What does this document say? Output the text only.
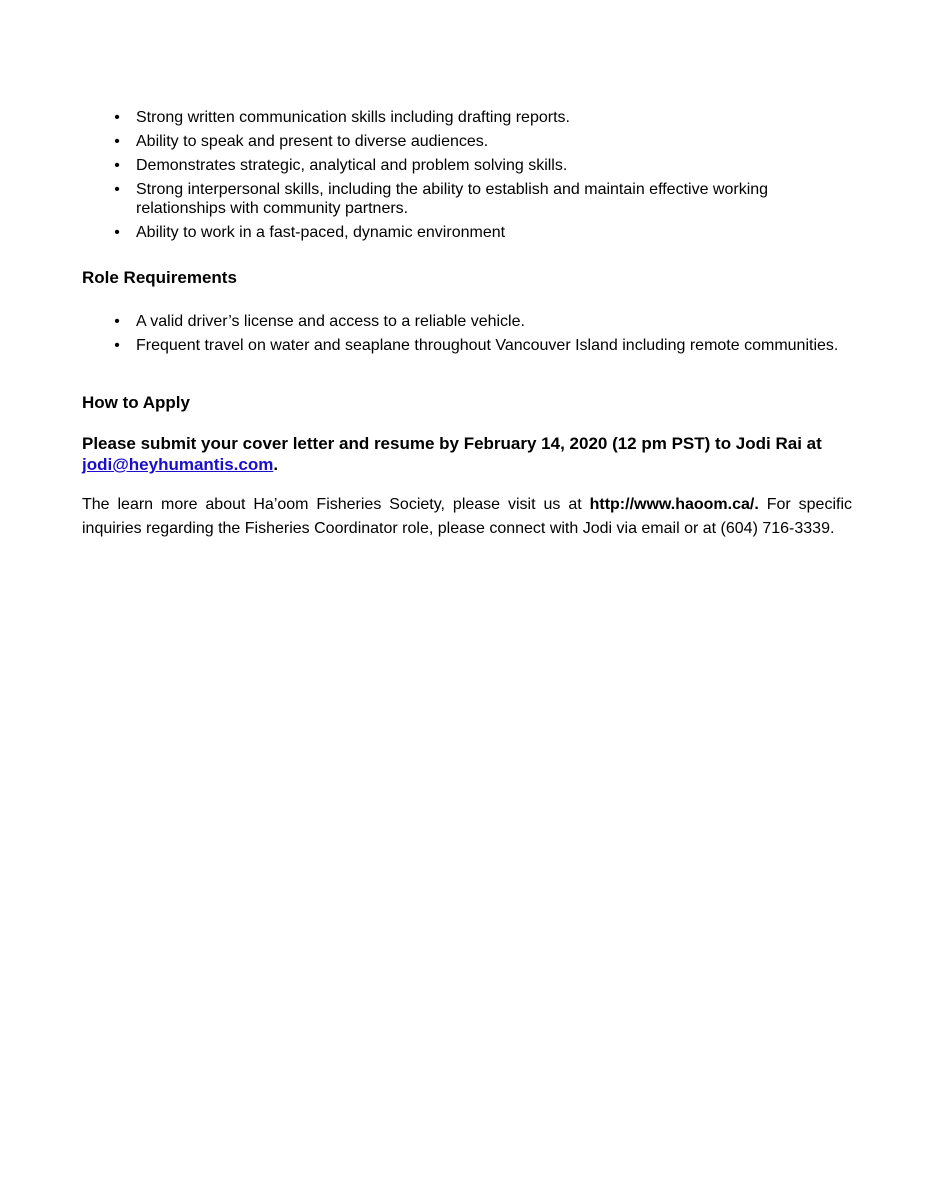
• Strong written communication skills including drafting reports.
• Ability to speak and present to diverse audiences.
• Demonstrates strategic, analytical and problem solving skills.
• Strong interpersonal skills, including the ability to establish and maintain effective working relationships with community partners.
• Ability to work in a fast-paced, dynamic environment
Role Requirements
• A valid driver’s license and access to a reliable vehicle.
• Frequent travel on water and seaplane throughout Vancouver Island including remote communities.
How to Apply
Please submit your cover letter and resume by February 14, 2020 (12 pm PST) to Jodi Rai at jodi@heyhumantis.com.
The learn more about Ha’oom Fisheries Society, please visit us at http://www.haoom.ca/. For specific inquiries regarding the Fisheries Coordinator role, please connect with Jodi via email or at (604) 716-3339.
